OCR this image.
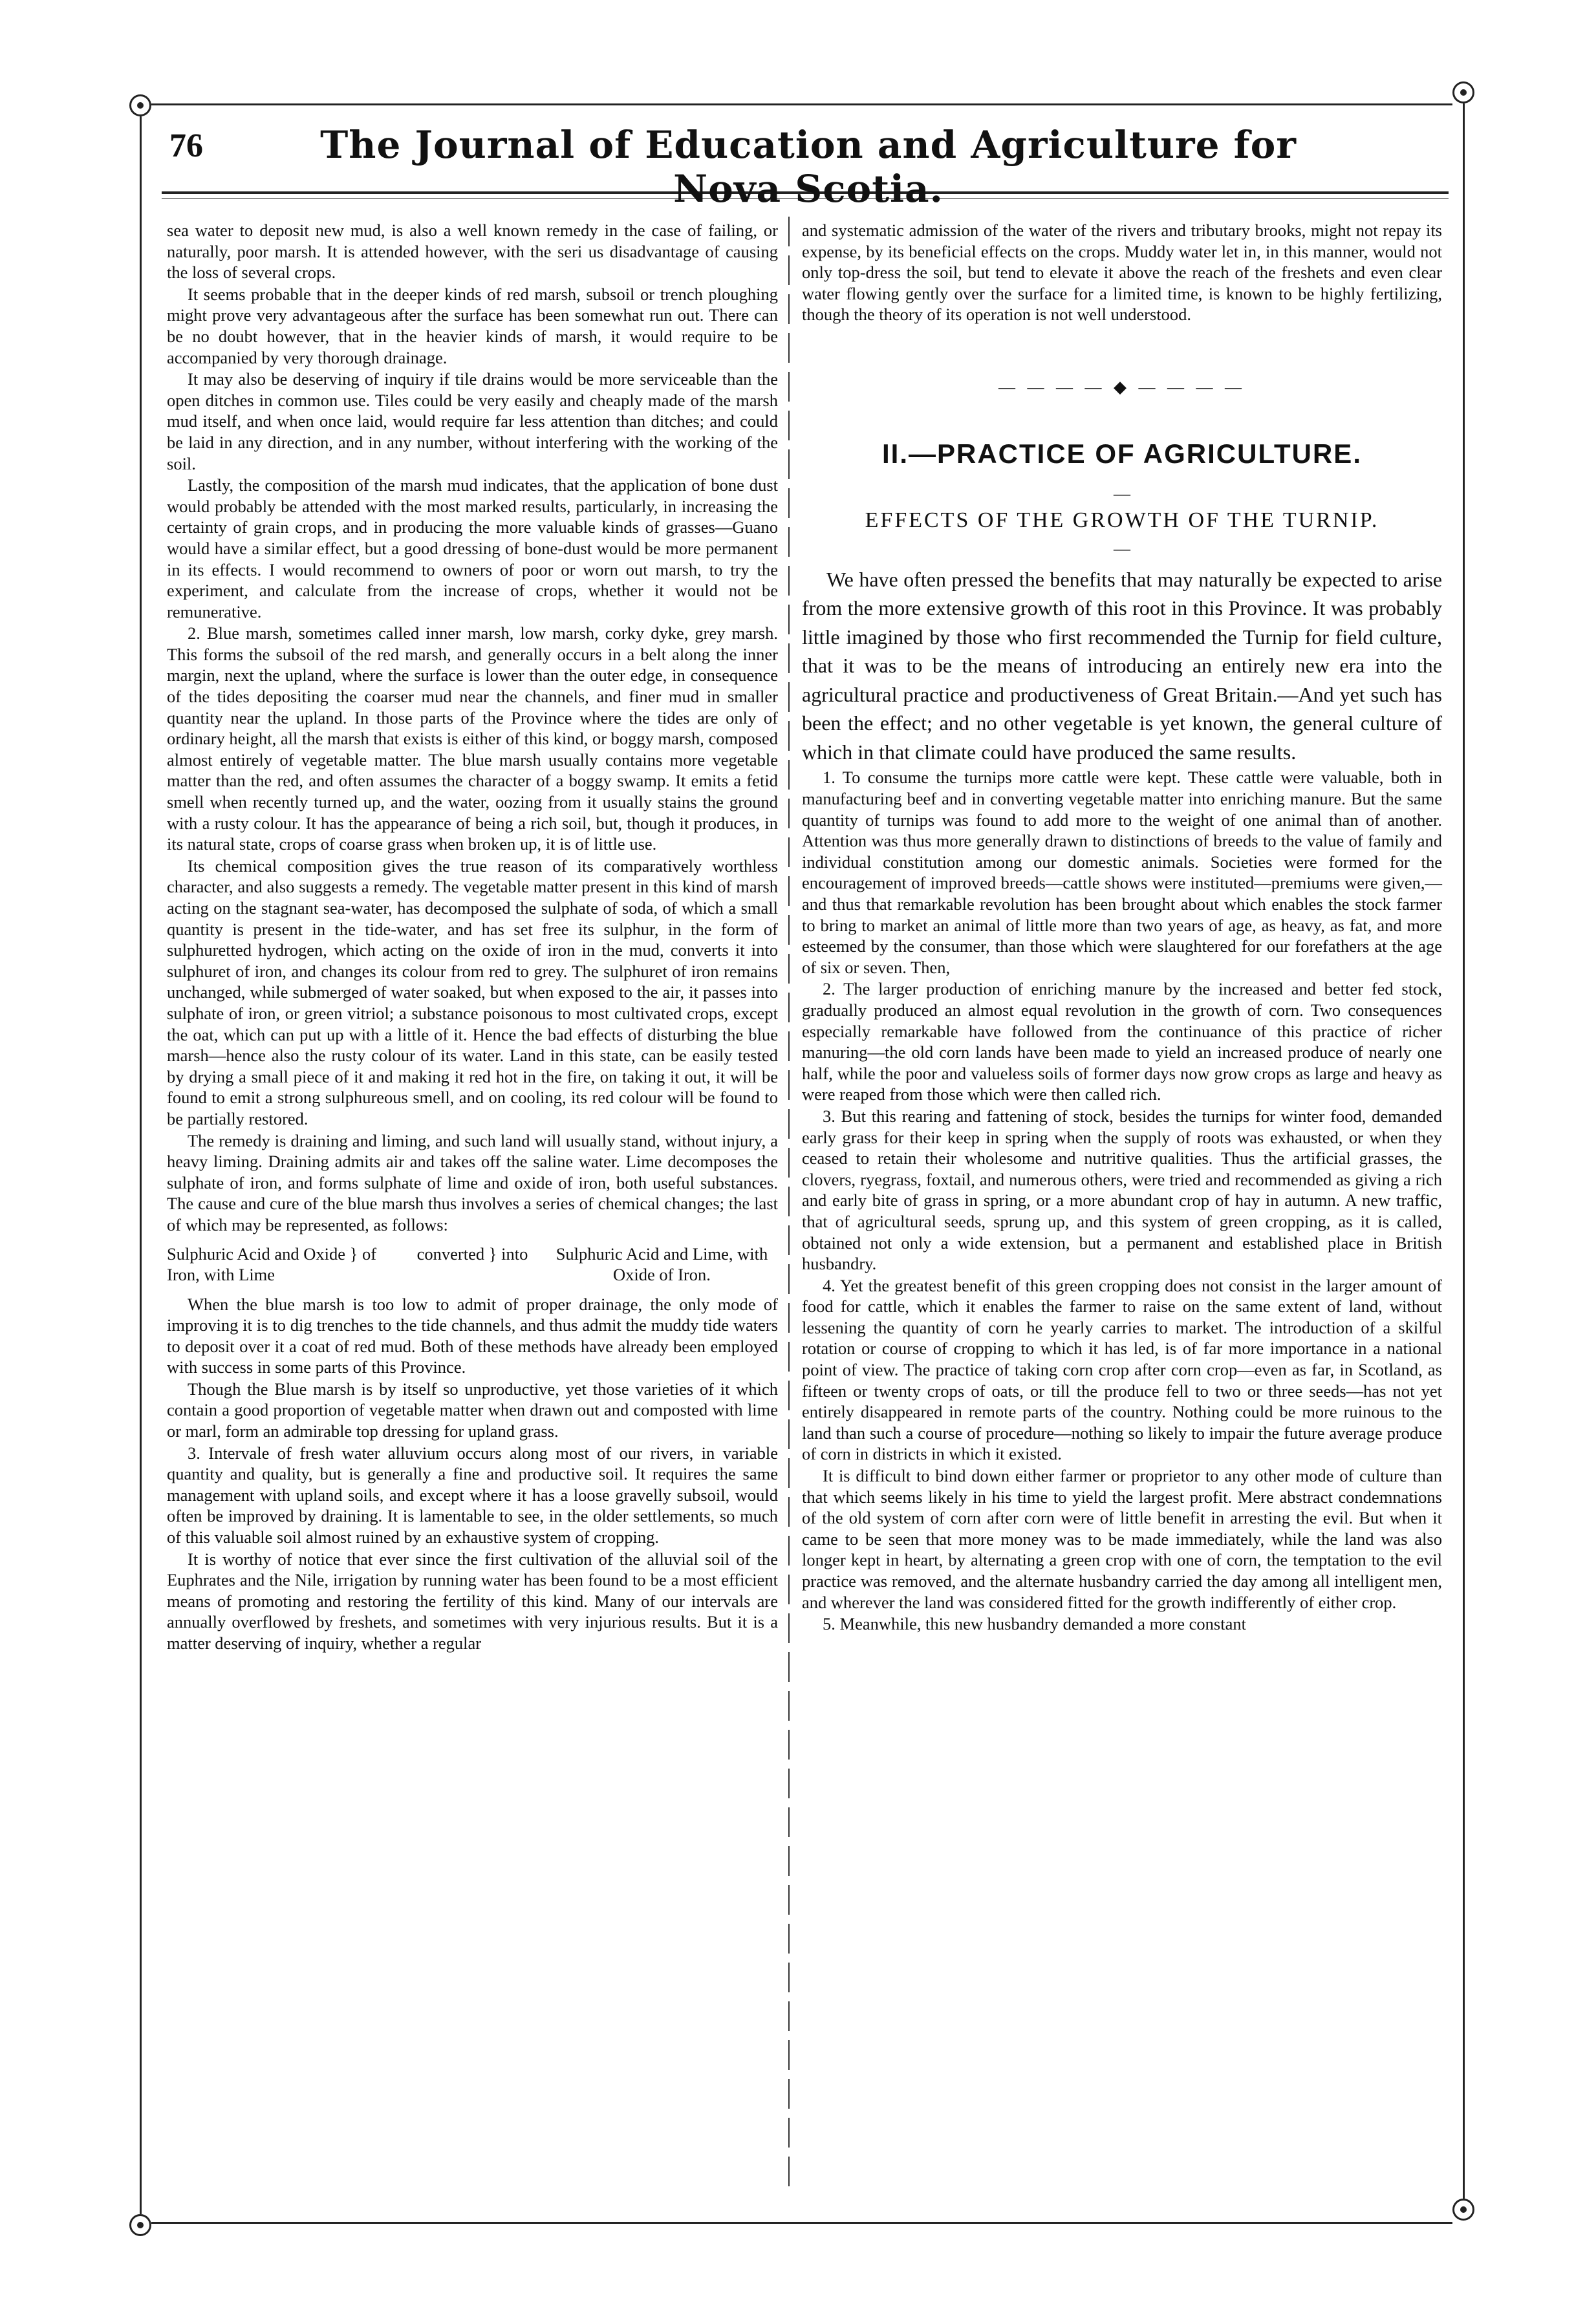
76	The Journal of Education and Agriculture for Nova Scotia.

sea water to deposit new mud, is also a well known remedy in the case of failing, or naturally, poor marsh. It is attended however, with the seri us disadvantage of causing the loss of several crops.

It seems probable that in the deeper kinds of red marsh, subsoil or trench ploughing might prove very advantageous after the surface has been somewhat run out. There can be no doubt however, that in the heavier kinds of marsh, it would require to be accompanied by very thorough drainage.

It may also be deserving of inquiry if tile drains would be more serviceable than the open ditches in common use. Tiles could be very easily and cheaply made of the marsh mud itself, and when once laid, would require far less attention than ditches; and could be laid in any direction, and in any number, without interfering with the working of the soil.

Lastly, the composition of the marsh mud indicates, that the application of bone dust would probably be attended with the most marked results, particularly, in increasing the certainty of grain crops, and in producing the more valuable kinds of grasses—Guano would have a similar effect, but a good dressing of bone-dust would be more permanent in its effects. I would recommend to owners of poor or worn out marsh, to try the experiment, and calculate from the increase of crops, whether it would not be remunerative.

2. Blue marsh, sometimes called inner marsh, low marsh, corky dyke, grey marsh. This forms the subsoil of the red marsh, and generally occurs in a belt along the inner margin, next the upland, where the surface is lower than the outer edge, in consequence of the tides depositing the coarser mud near the channels, and finer mud in smaller quantity near the upland. In those parts of the Province where the tides are only of ordinary height, all the marsh that exists is either of this kind, or boggy marsh, composed almost entirely of vegetable matter. The blue marsh usually contains more vegetable matter than the red, and often assumes the character of a boggy swamp. It emits a fetid smell when recently turned up, and the water, oozing from it usually stains the ground with a rusty colour. It has the appearance of being a rich soil, but, though it produces, in its natural state, crops of coarse grass when broken up, it is of little use.

Its chemical composition gives the true reason of its comparatively worthless character, and also suggests a remedy. The vegetable matter present in this kind of marsh acting on the stagnant sea-water, has decomposed the sulphate of soda, of which a small quantity is present in the tide-water, and has set free its sulphur, in the form of sulphuretted hydrogen, which acting on the oxide of iron in the mud, converts it into sulphuret of iron, and changes its colour from red to grey. The sulphuret of iron remains unchanged, while submerged of water soaked, but when exposed to the air, it passes into sulphate of iron, or green vitriol; a substance poisonous to most cultivated crops, except the oat, which can put up with a little of it. Hence the bad effects of disturbing the blue marsh—hence also the rusty colour of its water. Land in this state, can be easily tested by drying a small piece of it and making it red hot in the fire, on taking it out, it will be found to emit a strong sulphureous smell, and on cooling, its red colour will be found to be partially restored.

The remedy is draining and liming, and such land will usually stand, without injury, a heavy liming. Draining admits air and takes off the saline water. Lime decomposes the sulphate of iron, and forms sulphate of lime and oxide of iron, both useful substances. The cause and cure of the blue marsh thus involves a series of chemical changes; the last of which may be represented, as follows:

Sulphuric Acid and Oxide } of Iron, with Lime
converted } into	Sulphuric Acid and Lime, with Oxide of Iron.

When the blue marsh is too low to admit of proper drainage, the only mode of improving it is to dig trenches to the tide channels, and thus admit the muddy tide waters to deposit over it a coat of red mud. Both of these methods have already been employed with success in some parts of this Province.

Though the Blue marsh is by itself so unproductive, yet those varieties of it which contain a good proportion of vegetable matter when drawn out and composted with lime or marl, form an admirable top dressing for upland grass.

3. Intervale of fresh water alluvium occurs along most of our rivers, in variable quantity and quality, but is generally a fine and productive soil. It requires the same management with upland soils, and except where it has a loose gravelly subsoil, would often be improved by draining. It is lamentable to see, in the older settlements, so much of this valuable soil almost ruined by an exhaustive system of cropping.

It is worthy of notice that ever since the first cultivation of the alluvial soil of the Euphrates and the Nile, irrigation by running water has been found to be a most efficient means of promoting and restoring the fertility of this kind. Many of our intervals are annually overflowed by freshets, and sometimes with very injurious results. But it is a matter deserving of inquiry, whether a regular

and systematic admission of the water of the rivers and tributary brooks, might not repay its expense, by its beneficial effects on the crops. Muddy water let in, in this manner, would not only top-dress the soil, but tend to elevate it above the reach of the freshets and even clear water flowing gently over the surface for a limited time, is known to be highly fertilizing, though the theory of its operation is not well understood.

— — — — ◆ — — — —
II.—PRACTICE OF AGRICULTURE.
—
EFFECTS OF THE GROWTH OF THE TURNIP.
—

We have often pressed the benefits that may naturally be expected to arise from the more extensive growth of this root in this Province. It was probably little imagined by those who first recommended the Turnip for field culture, that it was to be the means of introducing an entirely new era into the agricultural practice and productiveness of Great Britain.—And yet such has been the effect; and no other vegetable is yet known, the general culture of which in that climate could have produced the same results.

1. To consume the turnips more cattle were kept. These cattle were valuable, both in manufacturing beef and in converting vegetable matter into enriching manure. But the same quantity of turnips was found to add more to the weight of one animal than of another. Attention was thus more generally drawn to distinctions of breeds to the value of family and individual constitution among our domestic animals. Societies were formed for the encouragement of improved breeds—cattle shows were instituted—premiums were given,—and thus that remarkable revolution has been brought about which enables the stock farmer to bring to market an animal of little more than two years of age, as heavy, as fat, and more esteemed by the consumer, than those which were slaughtered for our forefathers at the age of six or seven. Then,

2. The larger production of enriching manure by the increased and better fed stock, gradually produced an almost equal revolution in the growth of corn. Two consequences especially remarkable have followed from the continuance of this practice of richer manuring—the old corn lands have been made to yield an increased produce of nearly one half, while the poor and valueless soils of former days now grow crops as large and heavy as were reaped from those which were then called rich.

3. But this rearing and fattening of stock, besides the turnips for winter food, demanded early grass for their keep in spring when the supply of roots was exhausted, or when they ceased to retain their wholesome and nutritive qualities. Thus the artificial grasses, the clovers, ryegrass, foxtail, and numerous others, were tried and recommended as giving a rich and early bite of grass in spring, or a more abundant crop of hay in autumn. A new traffic, that of agricultural seeds, sprung up, and this system of green cropping, as it is called, obtained not only a wide extension, but a permanent and established place in British husbandry.

4. Yet the greatest benefit of this green cropping does not consist in the larger amount of food for cattle, which it enables the farmer to raise on the same extent of land, without lessening the quantity of corn he yearly carries to market. The introduction of a skilful rotation or course of cropping to which it has led, is of far more importance in a national point of view. The practice of taking corn crop after corn crop—even as far, in Scotland, as fifteen or twenty crops of oats, or till the produce fell to two or three seeds—has not yet entirely disappeared in remote parts of the country. Nothing could be more ruinous to the land than such a course of procedure—nothing so likely to impair the future average produce of corn in districts in which it existed.

It is difficult to bind down either farmer or proprietor to any other mode of culture than that which seems likely in his time to yield the largest profit. Mere abstract condemnations of the old system of corn after corn were of little benefit in arresting the evil. But when it came to be seen that more money was to be made immediately, while the land was also longer kept in heart, by alternating a green crop with one of corn, the temptation to the evil practice was removed, and the alternate husbandry carried the day among all intelligent men, and wherever the land was considered fitted for the growth indifferently of either crop.

5. Meanwhile, this new husbandry demanded a more constant
